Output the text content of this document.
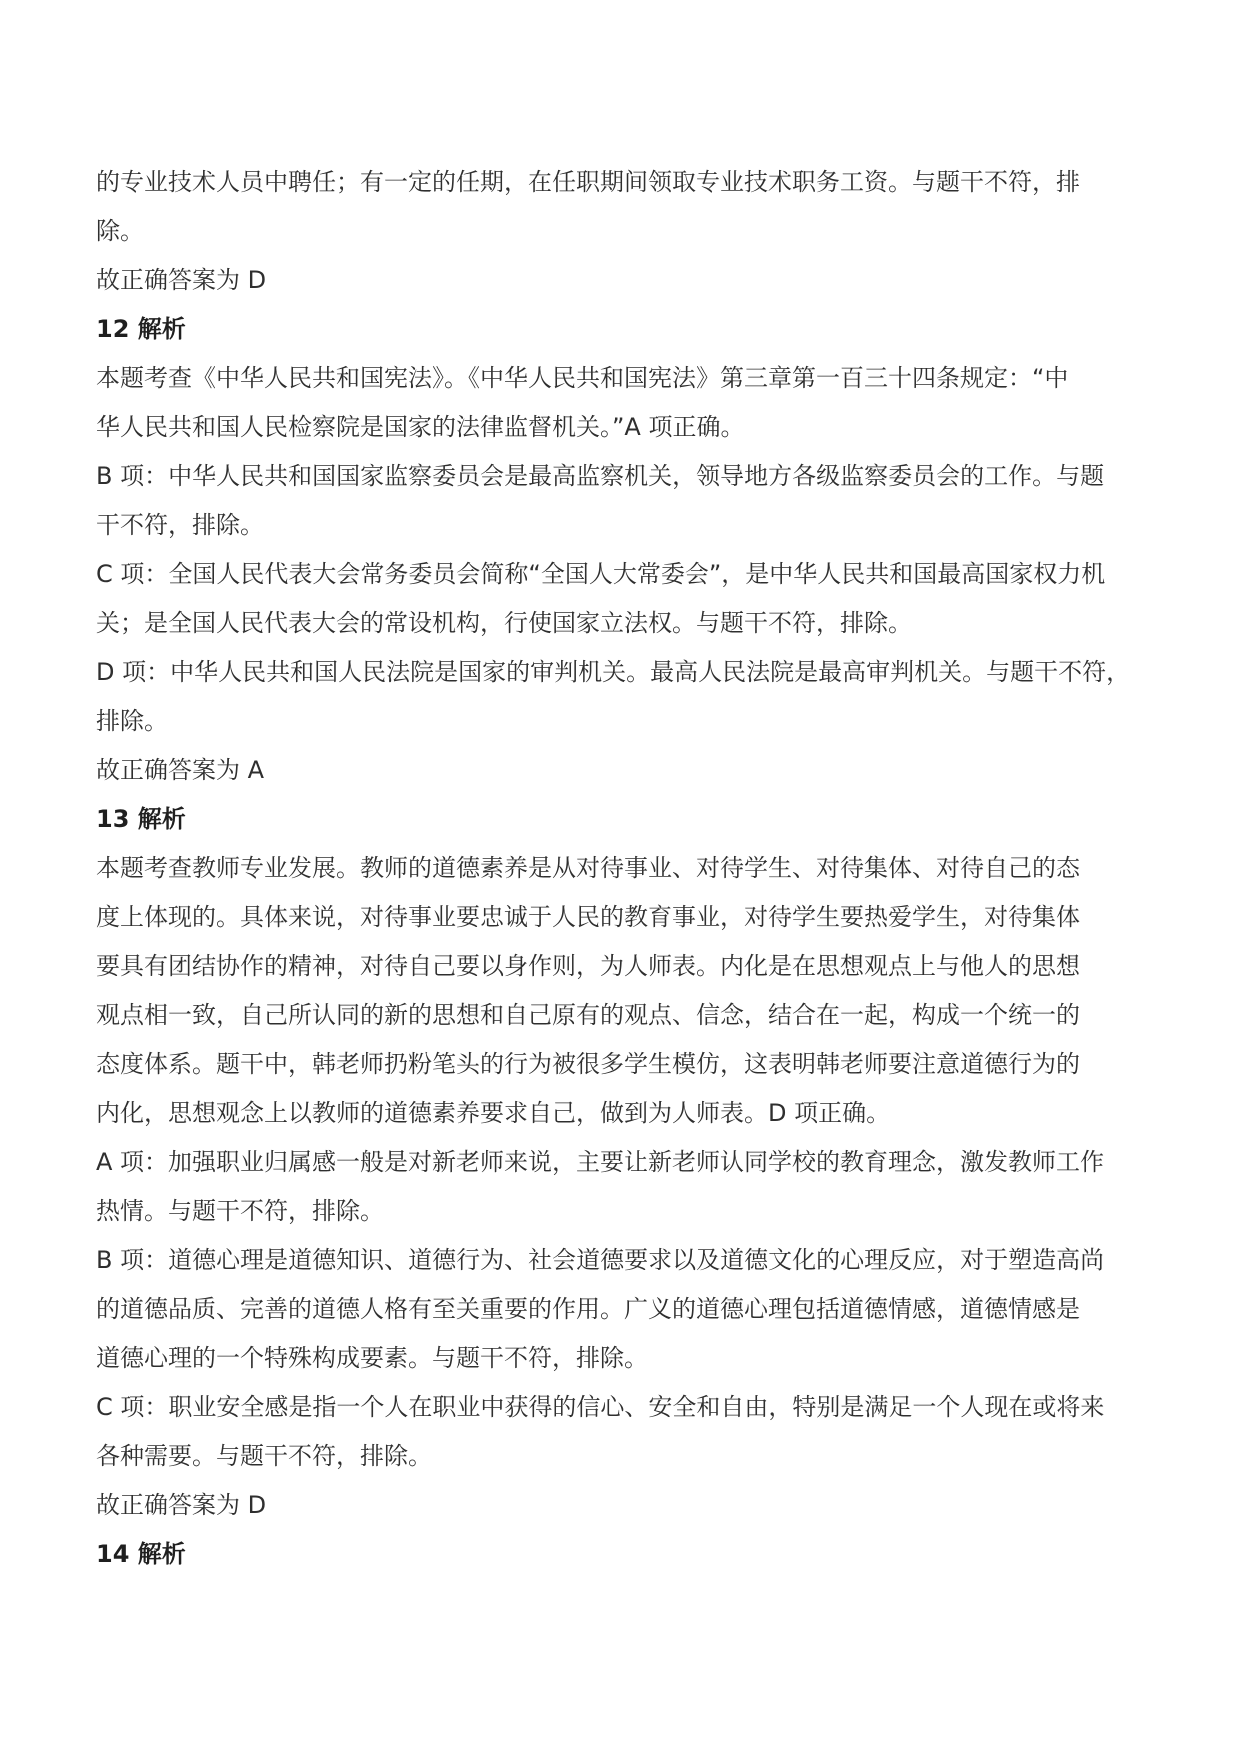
的专业技术人员中聘任；有一定的任期，在任职期间领取专业技术职务工资。与题干不符，排
除。
故正确答案为 D
12 解析
本题考查《中华人民共和国宪法》。《中华人民共和国宪法》第三章第一百三十四条规定：“中
华人民共和国人民检察院是国家的法律监督机关。”A 项正确。
B 项：中华人民共和国国家监察委员会是最高监察机关，领导地方各级监察委员会的工作。与题
干不符，排除。
C 项：全国人民代表大会常务委员会简称“全国人大常委会”，是中华人民共和国最高国家权力机
关；是全国人民代表大会的常设机构，行使国家立法权。与题干不符，排除。
D 项：中华人民共和国人民法院是国家的审判机关。最高人民法院是最高审判机关。与题干不符，
排除。
故正确答案为 A
13 解析
本题考查教师专业发展。教师的道德素养是从对待事业、对待学生、对待集体、对待自己的态
度上体现的。具体来说，对待事业要忠诚于人民的教育事业，对待学生要热爱学生，对待集体
要具有团结协作的精神，对待自己要以身作则，为人师表。内化是在思想观点上与他人的思想
观点相一致，自己所认同的新的思想和自己原有的观点、信念，结合在一起，构成一个统一的
态度体系。题干中，韩老师扔粉笔头的行为被很多学生模仿，这表明韩老师要注意道德行为的
内化，思想观念上以教师的道德素养要求自己，做到为人师表。D 项正确。
A 项：加强职业归属感一般是对新老师来说，主要让新老师认同学校的教育理念，激发教师工作
热情。与题干不符，排除。
B 项：道德心理是道德知识、道德行为、社会道德要求以及道德文化的心理反应，对于塑造高尚
的道德品质、完善的道德人格有至关重要的作用。广义的道德心理包括道德情感，道德情感是
道德心理的一个特殊构成要素。与题干不符，排除。
C 项：职业安全感是指一个人在职业中获得的信心、安全和自由，特别是满足一个人现在或将来
各种需要。与题干不符，排除。
故正确答案为 D
14 解析
